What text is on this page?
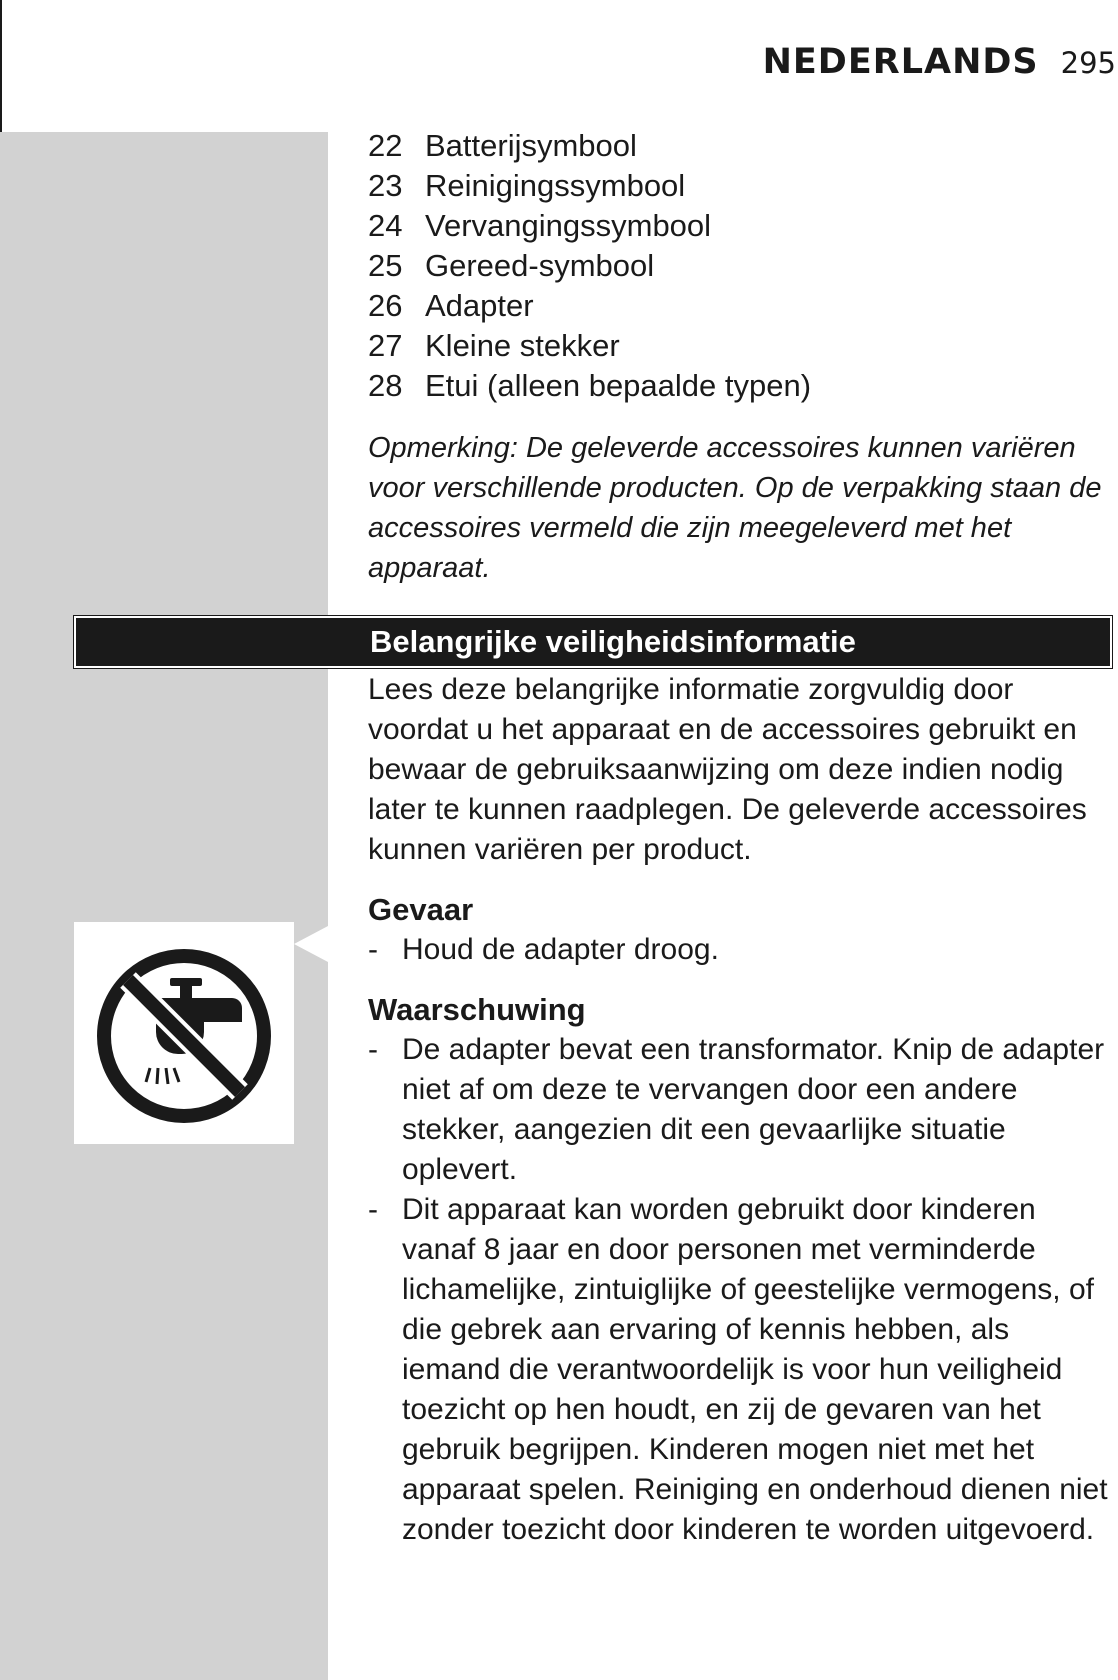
NEDERLANDS 295
22 Batterijsymbool
23 Reinigingssymbool
24 Vervangingssymbool
25 Gereed-symbool
26 Adapter
27 Kleine stekker
28 Etui (alleen bepaalde typen)

Opmerking: De geleverde accessoires kunnen variëren voor verschillende producten. Op de verpakking staan de accessoires vermeld die zijn meegeleverd met het apparaat.

Belangrijke veiligheidsinformatie

Lees deze belangrijke informatie zorgvuldig door voordat u het apparaat en de accessoires gebruikt en bewaar de gebruiksaanwijzing om deze indien nodig later te kunnen raadplegen. De geleverde accessoires kunnen variëren per product.

Gevaar
- Houd de adapter droog.
Waarschuwing
- De adapter bevat een transformator. Knip de adapter niet af om deze te vervangen door een andere stekker, aangezien dit een gevaarlijke situatie oplevert.
- Dit apparaat kan worden gebruikt door kinderen vanaf 8 jaar en door personen met verminderde lichamelijke, zintuiglijke of geestelijke vermogens, of die gebrek aan ervaring of kennis hebben, als iemand die verantwoordelijk is voor hun veiligheid toezicht op hen houdt, en zij de gevaren van het gebruik begrijpen. Kinderen mogen niet met het apparaat spelen. Reiniging en onderhoud dienen niet zonder toezicht door kinderen te worden uitgevoerd.
